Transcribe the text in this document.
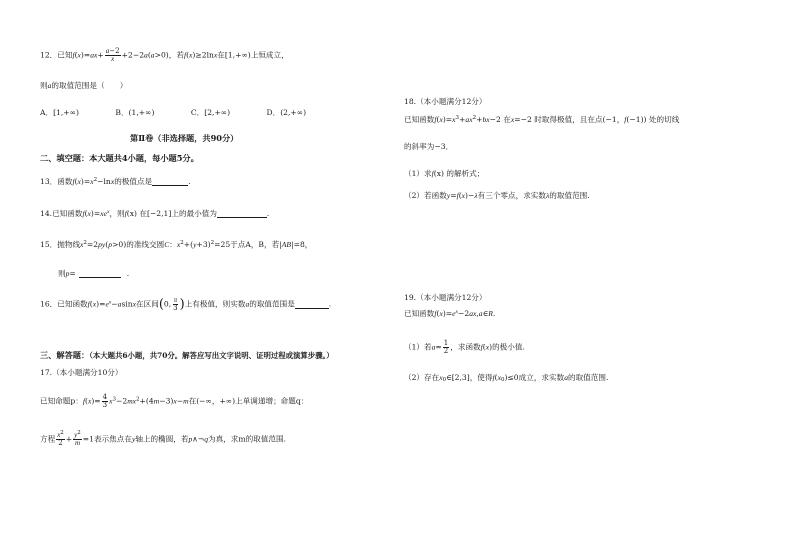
12．已知$f(x)=ax+ \frac{a-2}{x} +2-2a(a>0)$，若f(x)≥2lnx在[1,+∞)上恒成立，
则a的取值范围是（　　）
A．[1,+∞)	B．(1,+∞)	C．[2,+∞)	D．(2,+∞)
第Ⅱ卷（非选择题，共90分）
二、填空题：本大题共4小题，每小题5分。
13．函数$f(x)=x^2-\ln x$的极值点是	.
14.已知函数$f(x)=xe^x$，则f(x) 在[−2,1]上的最小值为	.
15．抛物线$x^2=2py(p>0)$的准线交圆C：$x^2+(y+3)^2=25$于点A，B，若|AB|=8，
则p=	.
16．已知函数$f(x)=e^x-asinx$在区间(0, $\frac{\pi}{3}$ )上有极值，则实数a的取值范围是	.
三、解答题：（本大题共6小题，共70分。解答应写出文字说明、证明过程或演算步骤。）
17.（本小题满分10分）
已知命题p：$f(x)= \frac{4}{3} x^3-2mx^2+(4m-3)x-m$在(−∞，+∞)上单调递增；命题q：
方程 $\frac{x^2}{2} + \frac{y^2}{m} =1$表示焦点在y轴上的椭圆，若p∧¬q为真，求m的取值范围.
18.（本小题满分12分）
已知函数$f(x)=x^3+ax^2+bx-2$ 在x=−2 时取得极值，且在点(−1，f(−1)) 处的切线
的斜率为−3．
（1）求f(x) 的解析式；
（2）若函数y=f(x)−λ有三个零点，求实数λ的取值范围.
19.（本小题满分12分）
已知函数$f(x)=e^x-2ax,a\in R$.
（1）若$a= \frac{1}{2}$ ，求函数f(x)的极小值.
（2）存在$x_0\in[2,3]$，使得$f(x_0)\le 0$成立，求实数a的取值范围.
